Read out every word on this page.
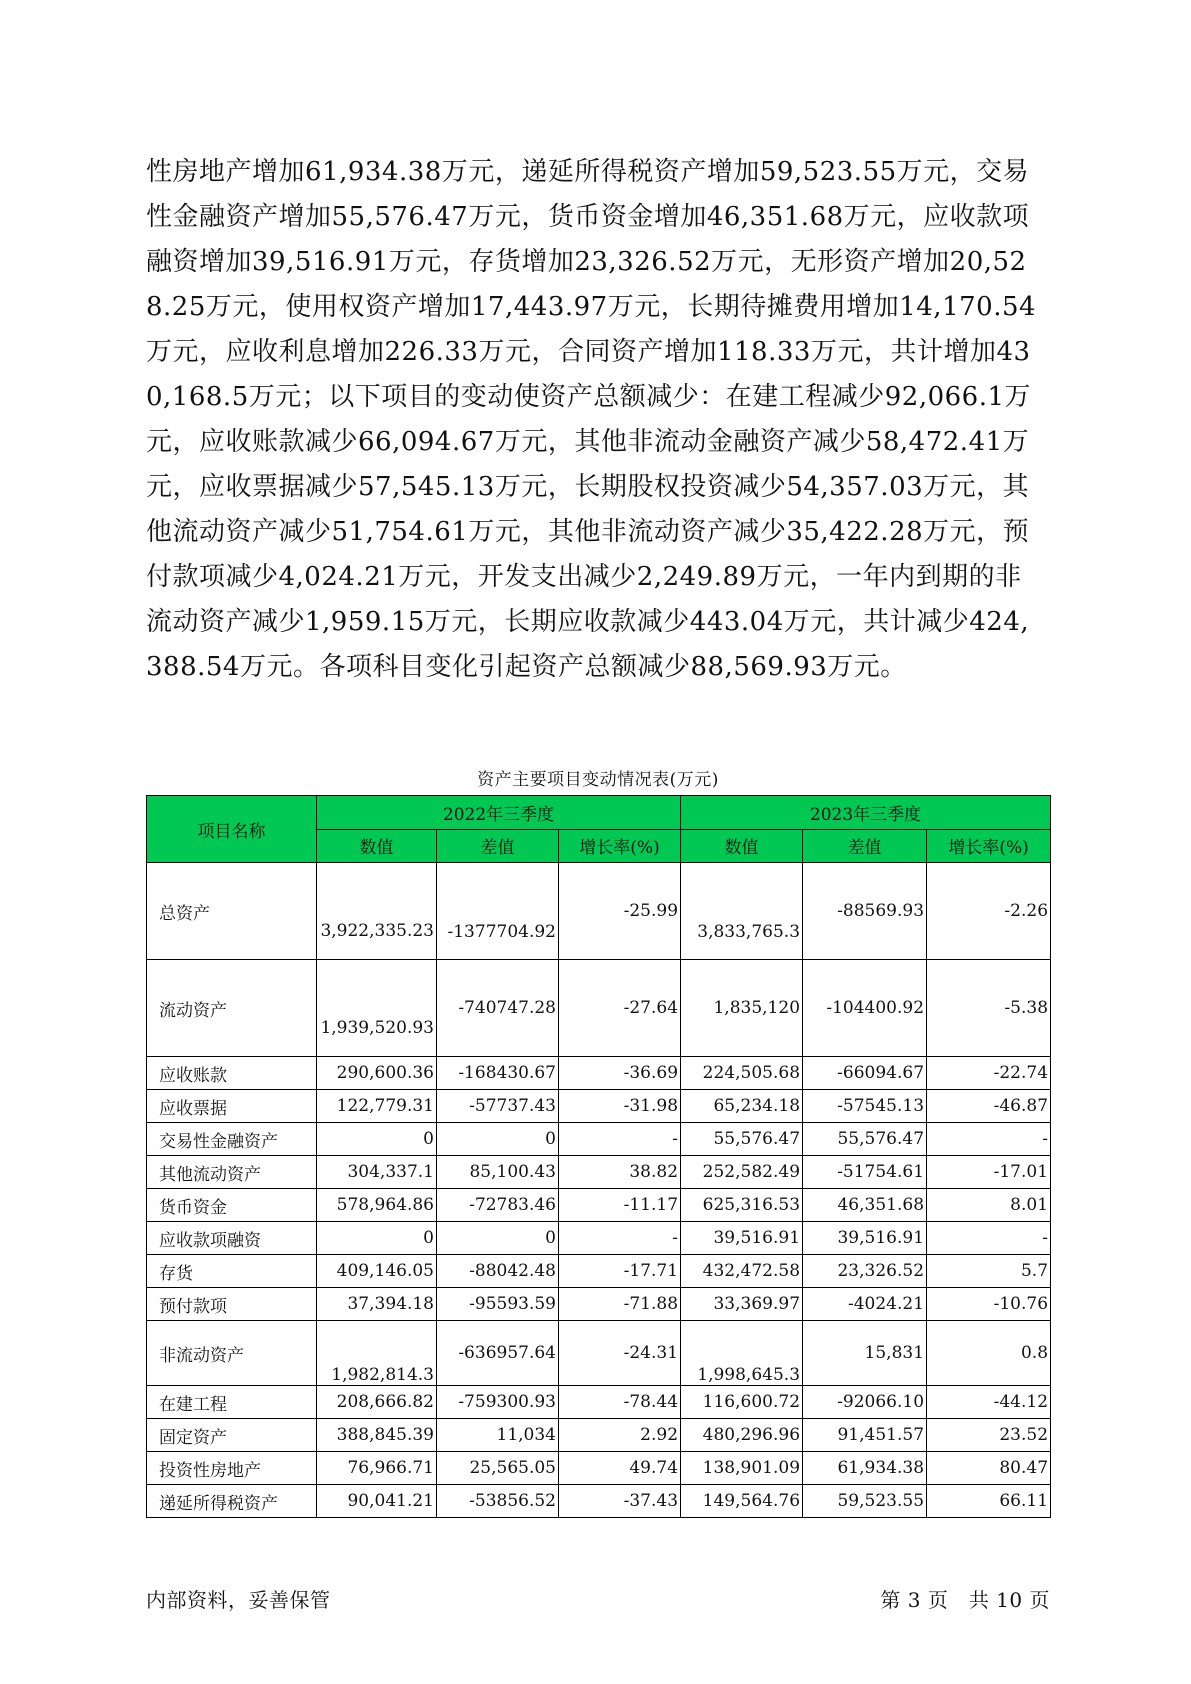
性房地产增加61,934.38万元，递延所得税资产增加59,523.55万元，交易性金融资产增加55,576.47万元，货币资金增加46,351.68万元，应收款项融资增加39,516.91万元，存货增加23,326.52万元，无形资产增加20,528.25万元，使用权资产增加17,443.97万元，长期待摊费用增加14,170.54万元，应收利息增加226.33万元，合同资产增加118.33万元，共计增加430,168.5万元；以下项目的变动使资产总额减少：在建工程减少92,066.1万元，应收账款减少66,094.67万元，其他非流动金融资产减少58,472.41万元，应收票据减少57,545.13万元，长期股权投资减少54,357.03万元，其他流动资产减少51,754.61万元，其他非流动资产减少35,422.28万元，预付款项减少4,024.21万元，开发支出减少2,249.89万元，一年内到期的非流动资产减少1,959.15万元，长期应收款减少443.04万元，共计减少424,388.54万元。各项科目变化引起资产总额减少88,569.93万元。

资产主要项目变动情况表(万元)
项目名称	2022年三季度			2023年三季度		
	数值	差值	增长率(%)	数值	差值	增长率(%)
总资产	3,922,335.23	-1377704.92	-25.99	3,833,765.3	-88569.93	-2.26
流动资产	1,939,520.93	-740747.28	-27.64	1,835,120	-104400.92	-5.38
应收账款	290,600.36	-168430.67	-36.69	224,505.68	-66094.67	-22.74
应收票据	122,779.31	-57737.43	-31.98	65,234.18	-57545.13	-46.87
交易性金融资产	0	0	-	55,576.47	55,576.47	-
其他流动资产	304,337.1	85,100.43	38.82	252,582.49	-51754.61	-17.01
货币资金	578,964.86	-72783.46	-11.17	625,316.53	46,351.68	8.01
应收款项融资	0	0	-	39,516.91	39,516.91	-
存货	409,146.05	-88042.48	-17.71	432,472.58	23,326.52	5.7
预付款项	37,394.18	-95593.59	-71.88	33,369.97	-4024.21	-10.76
非流动资产	1,982,814.3	-636957.64	-24.31	1,998,645.3	15,831	0.8
在建工程	208,666.82	-759300.93	-78.44	116,600.72	-92066.10	-44.12
固定资产	388,845.39	11,034	2.92	480,296.96	91,451.57	23.52
投资性房地产	76,966.71	25,565.05	49.74	138,901.09	61,934.38	80.47
递延所得税资产	90,041.21	-53856.52	-37.43	149,564.76	59,523.55	66.11
内部资料，妥善保管	第 3 页　共 10 页
